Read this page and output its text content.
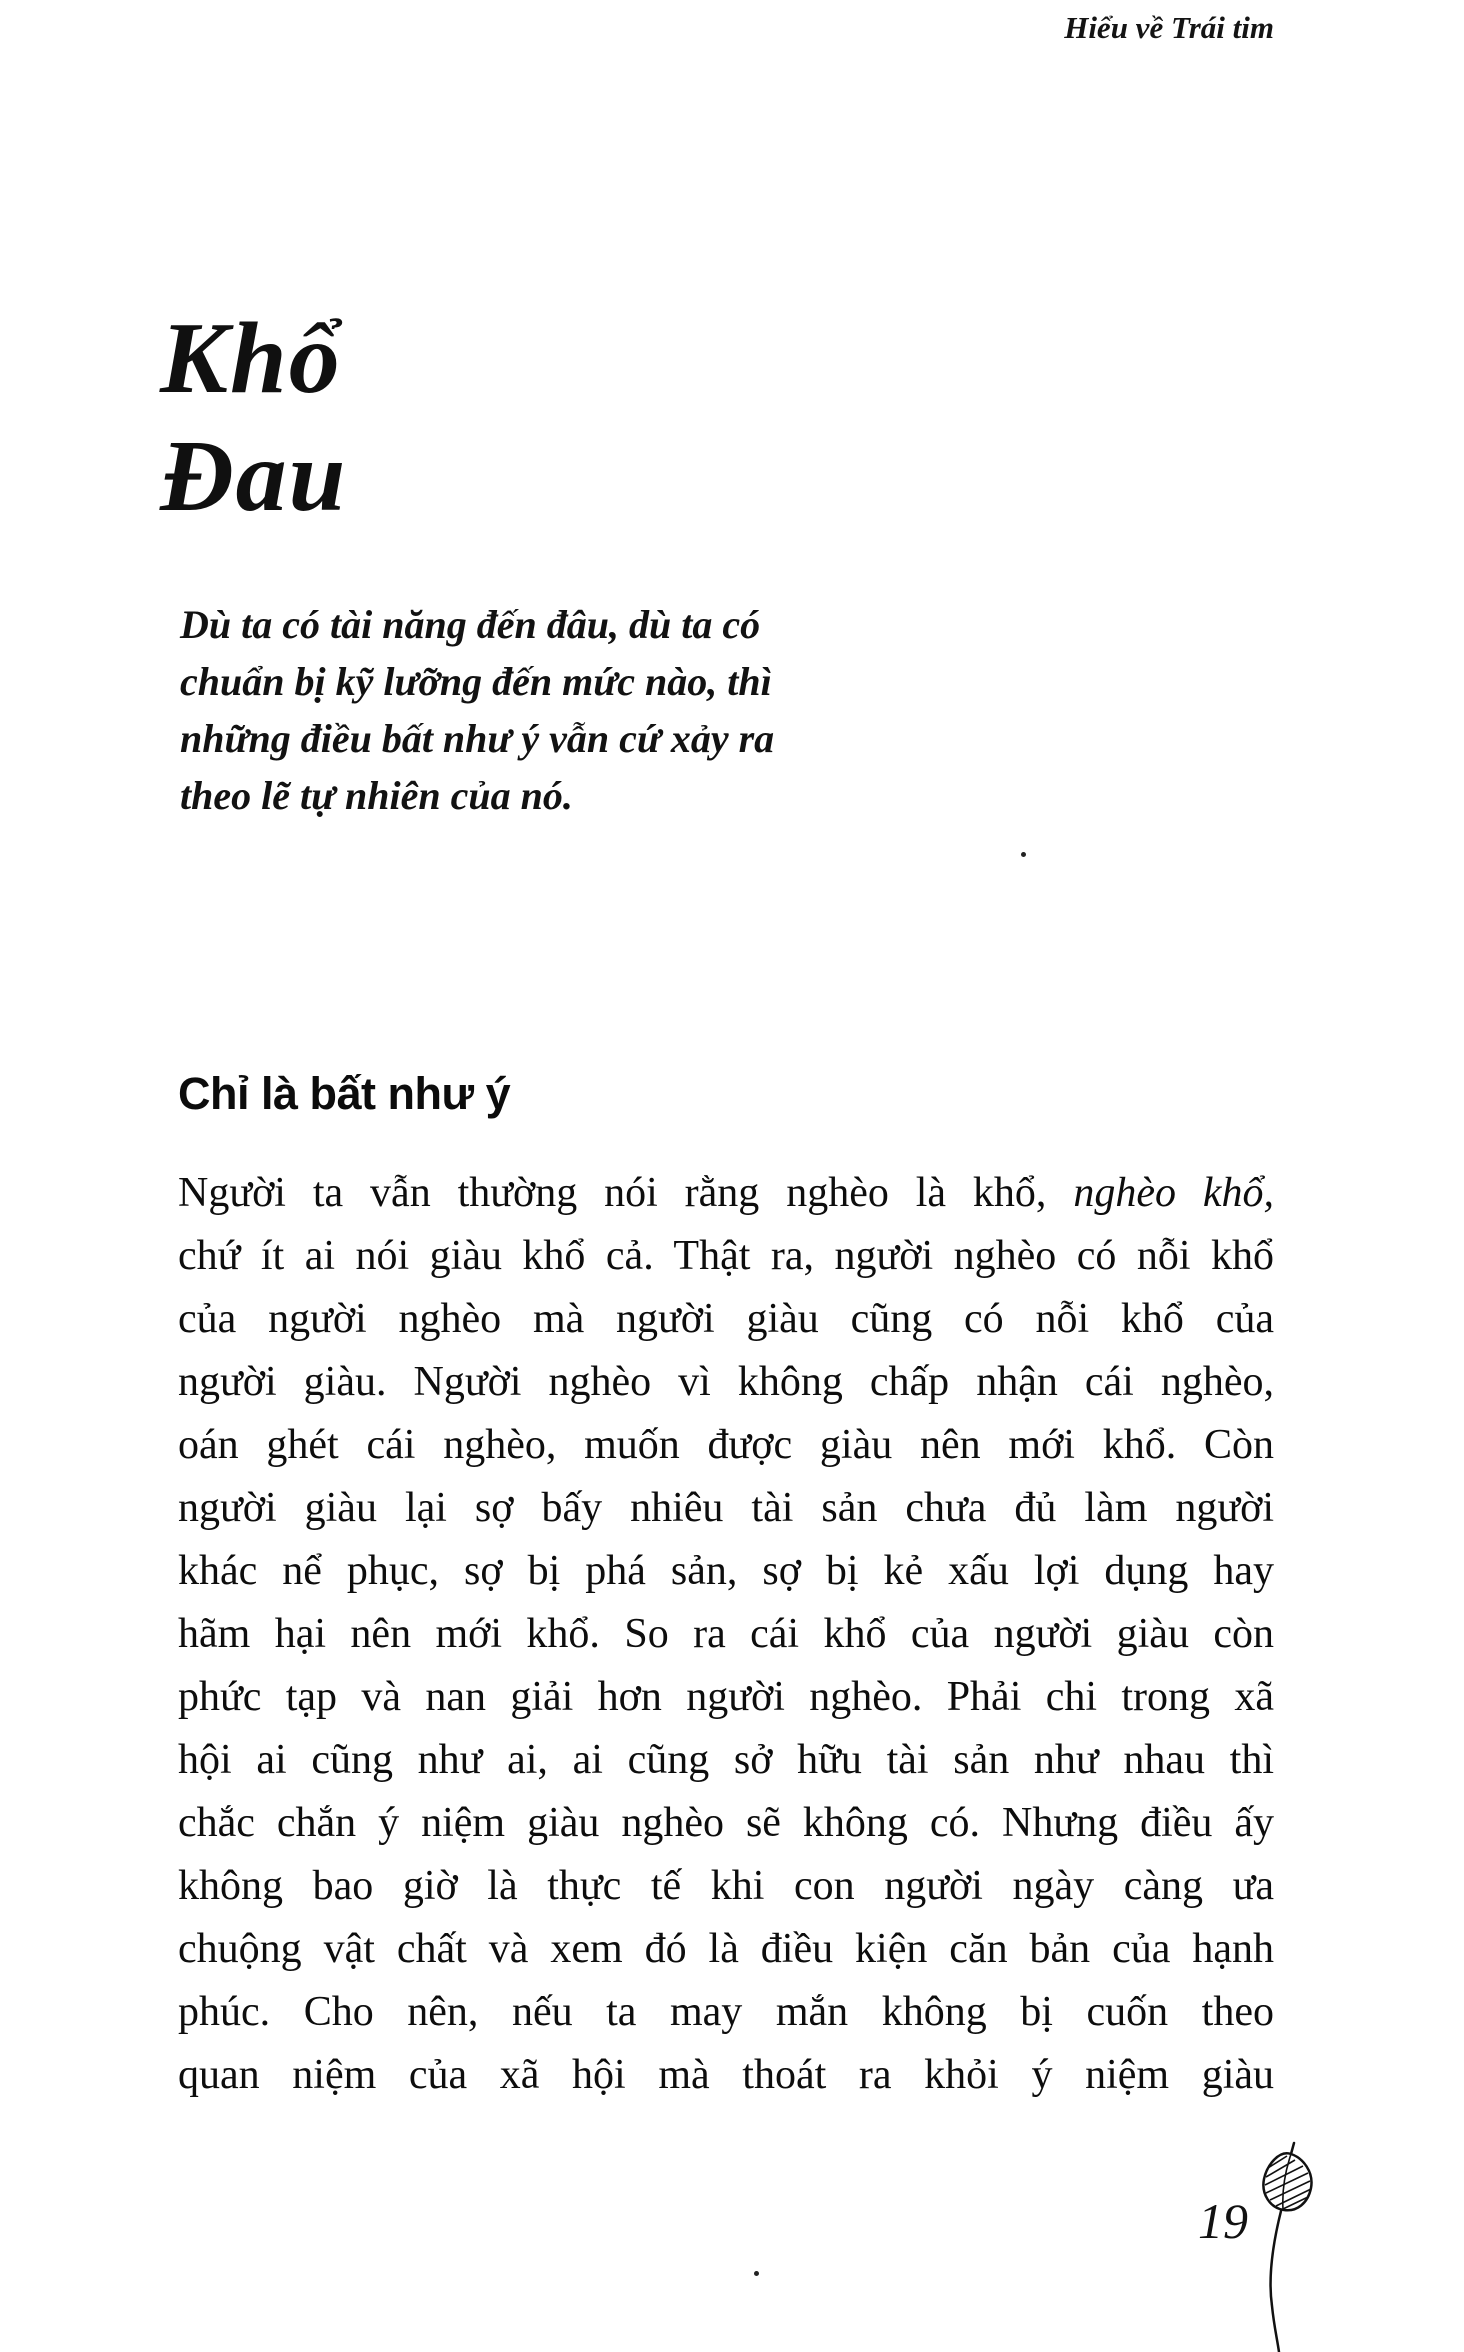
Hiểu về Trái tim
Khổ
Đau
Dù ta có tài năng đến đâu, dù ta có
chuẩn bị kỹ lưỡng đến mức nào, thì
những điều bất như ý vẫn cứ xảy ra
theo lẽ tự nhiên của nó.
Chỉ là bất như ý
Người ta vẫn thường nói rằng nghèo là khổ, nghèo khổ,
chứ ít ai nói giàu khổ cả. Thật ra, người nghèo có nỗi khổ
của người nghèo mà người giàu cũng có nỗi khổ của
người giàu. Người nghèo vì không chấp nhận cái nghèo,
oán ghét cái nghèo, muốn được giàu nên mới khổ. Còn
người giàu lại sợ bấy nhiêu tài sản chưa đủ làm người
khác nể phục, sợ bị phá sản, sợ bị kẻ xấu lợi dụng hay
hãm hại nên mới khổ. So ra cái khổ của người giàu còn
phức tạp và nan giải hơn người nghèo. Phải chi trong xã
hội ai cũng như ai, ai cũng sở hữu tài sản như nhau thì
chắc chắn ý niệm giàu nghèo sẽ không có. Nhưng điều ấy
không bao giờ là thực tế khi con người ngày càng ưa
chuộng vật chất và xem đó là điều kiện căn bản của hạnh
phúc. Cho nên, nếu ta may mắn không bị cuốn theo
quan niệm của xã hội mà thoát ra khỏi ý niệm giàu
19
